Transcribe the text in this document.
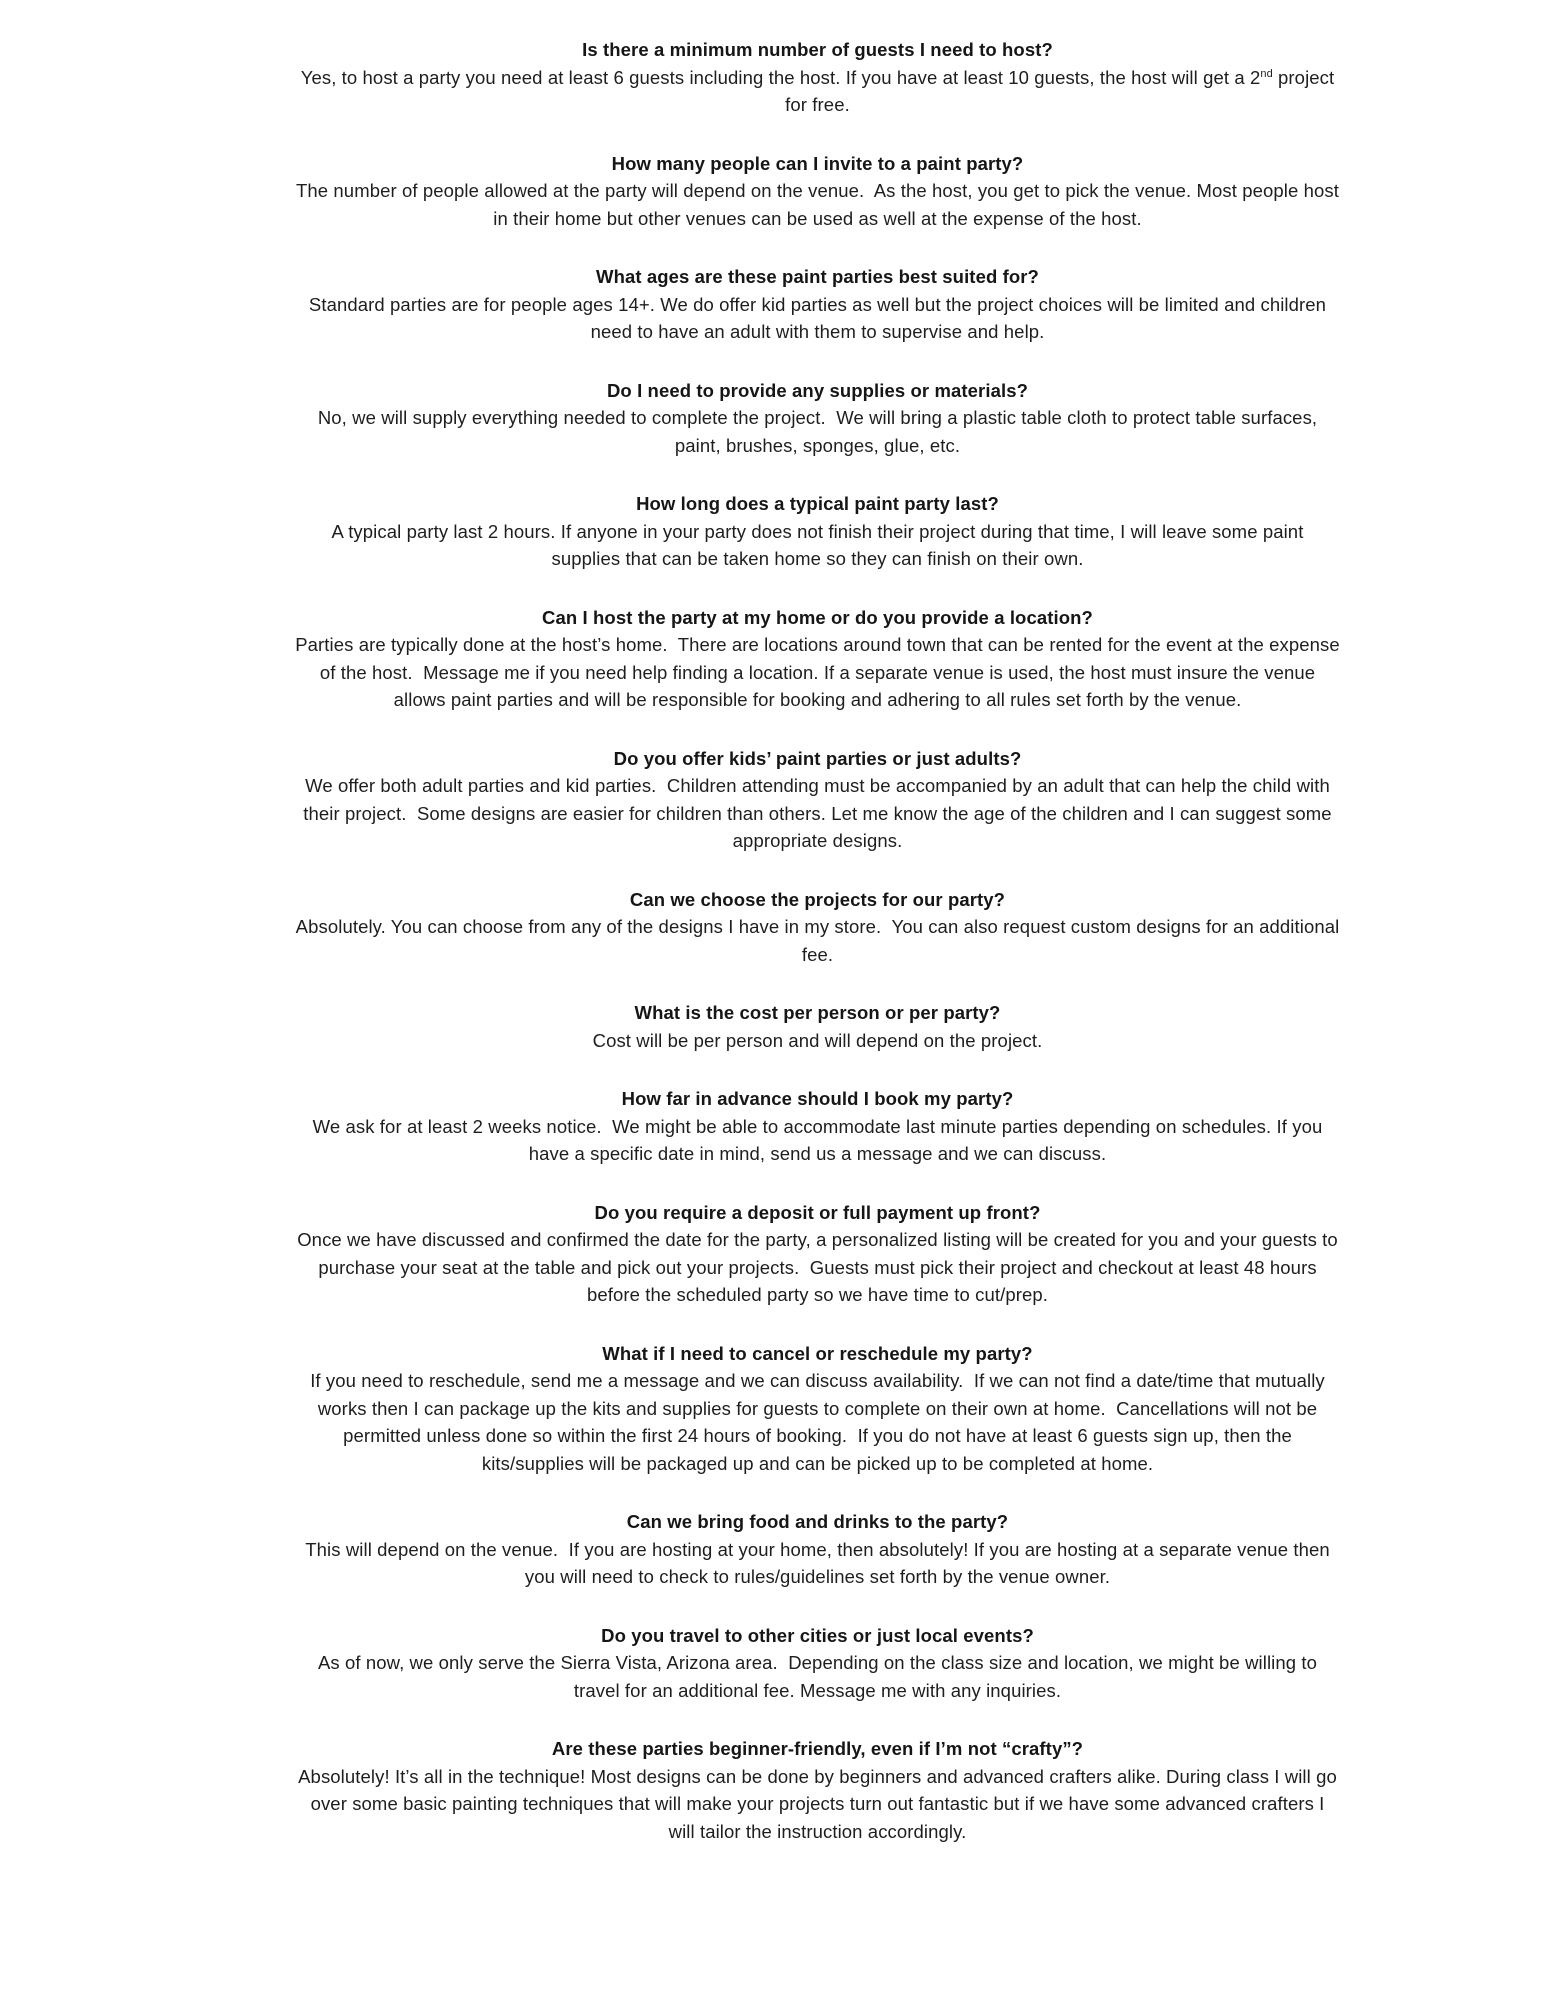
Is there a minimum number of guests I need to host?

Yes, to host a party you need at least 6 guests including the host. If you have at least 10 guests, the host will get a 2nd project for free.

How many people can I invite to a paint party?

The number of people allowed at the party will depend on the venue.  As the host, you get to pick the venue. Most people host in their home but other venues can be used as well at the expense of the host.

What ages are these paint parties best suited for?

Standard parties are for people ages 14+. We do offer kid parties as well but the project choices will be limited and children need to have an adult with them to supervise and help.

Do I need to provide any supplies or materials?

No, we will supply everything needed to complete the project.  We will bring a plastic table cloth to protect table surfaces, paint, brushes, sponges, glue, etc.

How long does a typical paint party last?

A typical party last 2 hours. If anyone in your party does not finish their project during that time, I will leave some paint supplies that can be taken home so they can finish on their own.

Can I host the party at my home or do you provide a location?

Parties are typically done at the host’s home.  There are locations around town that can be rented for the event at the expense of the host.  Message me if you need help finding a location. If a separate venue is used, the host must insure the venue allows paint parties and will be responsible for booking and adhering to all rules set forth by the venue.

Do you offer kids’ paint parties or just adults?

We offer both adult parties and kid parties.  Children attending must be accompanied by an adult that can help the child with their project.  Some designs are easier for children than others. Let me know the age of the children and I can suggest some appropriate designs.

Can we choose the projects for our party?

Absolutely. You can choose from any of the designs I have in my store.  You can also request custom designs for an additional fee.

What is the cost per person or per party?

Cost will be per person and will depend on the project.

How far in advance should I book my party?

We ask for at least 2 weeks notice.  We might be able to accommodate last minute parties depending on schedules. If you have a specific date in mind, send us a message and we can discuss.

Do you require a deposit or full payment up front?

Once we have discussed and confirmed the date for the party, a personalized listing will be created for you and your guests to purchase your seat at the table and pick out your projects.  Guests must pick their project and checkout at least 48 hours before the scheduled party so we have time to cut/prep.

What if I need to cancel or reschedule my party?

If you need to reschedule, send me a message and we can discuss availability.  If we can not find a date/time that mutually works then I can package up the kits and supplies for guests to complete on their own at home.  Cancellations will not be permitted unless done so within the first 24 hours of booking.  If you do not have at least 6 guests sign up, then the kits/supplies will be packaged up and can be picked up to be completed at home.

Can we bring food and drinks to the party?

This will depend on the venue.  If you are hosting at your home, then absolutely! If you are hosting at a separate venue then you will need to check to rules/guidelines set forth by the venue owner.

Do you travel to other cities or just local events?

As of now, we only serve the Sierra Vista, Arizona area.  Depending on the class size and location, we might be willing to travel for an additional fee. Message me with any inquiries.

Are these parties beginner-friendly, even if I’m not “crafty”?

Absolutely! It’s all in the technique! Most designs can be done by beginners and advanced crafters alike. During class I will go over some basic painting techniques that will make your projects turn out fantastic but if we have some advanced crafters I will tailor the instruction accordingly.
